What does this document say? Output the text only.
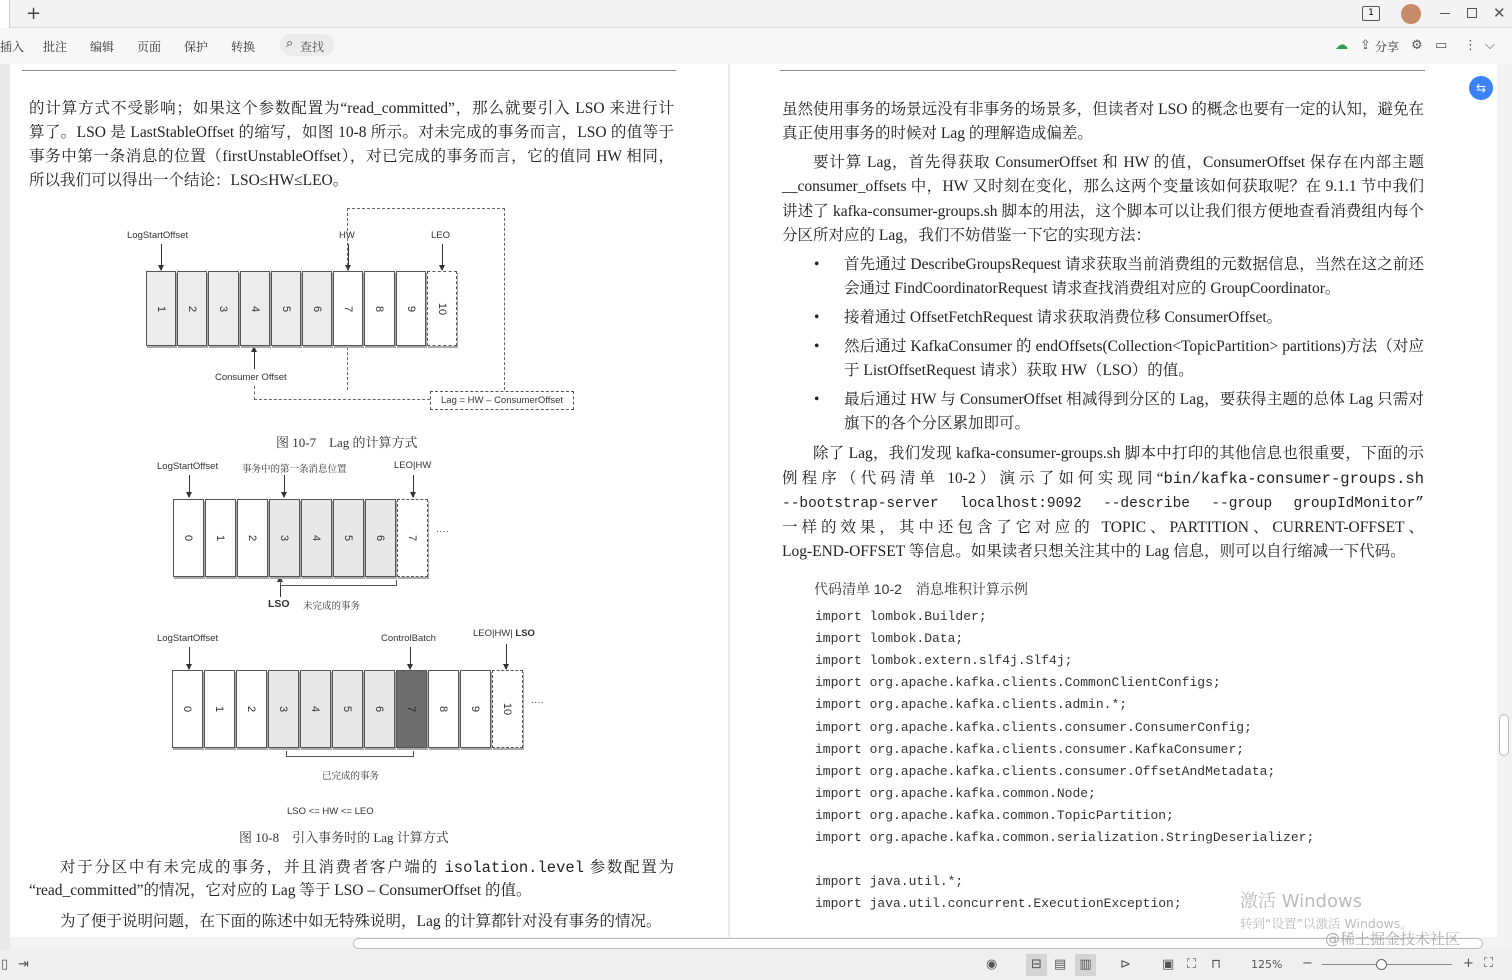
+	1	✕
插入 批注 编辑 页面 保护 转换 ⌕ 查找	☁ ⇪ 分享 ⚙ ▭ ⋮ ⌵
的计算方式不受影响；如果这个参数配置为“read_committed”，那么就要引入 LSO 来进行计
算了。LSO 是 LastStableOffset 的缩写，如图 10-8 所示。对未完成的事务而言，LSO 的值等于
事务中第一条消息的位置（firstUnstableOffset），对已完成的事务而言，它的值同 HW 相同，
所以我们可以得出一个结论：LSO≤HW≤LEO。
LogStartOffset	HW	LEO
Consumer Offset
Lag = HW – ConsumerOffset
图 10-7　Lag 的计算方式
LogStartOffset	事务中的第一条消息位置	LEO|HW
LSO 未完成的事务
····
LogStartOffset	ControlBatch	LEO|HW| LSO
已完成的事务
····
LSO <= HW <= LEO
图 10-8　引入事务时的 Lag 计算方式
对于分区中有未完成的事务，并且消费者客户端的 isolation.level 参数配置为
“read_committed”的情况，它对应的 Lag 等于 LSO – ConsumerOffset 的值。
为了便于说明问题，在下面的陈述中如无特殊说明，Lag 的计算都针对没有事务的情况。
1 2 3 4 5 6 7 8 9 10
0 1 2 3 4 5 6 7
0 1 2 3 4 5 6 7 8 9 10
⇆
虽然使用事务的场景远没有非事务的场景多，但读者对 LSO 的概念也要有一定的认知，避免在
真正使用事务的时候对 Lag 的理解造成偏差。
要计算 Lag，首先得获取 ConsumerOffset 和 HW 的值，ConsumerOffset 保存在内部主题
__consumer_offsets 中，HW 又时刻在变化，那么这两个变量该如何获取呢？在 9.1.1 节中我们
讲述了 kafka-consumer-groups.sh 脚本的用法，这个脚本可以让我们很方便地查看消费组内每个
分区所对应的 Lag，我们不妨借鉴一下它的实现方法：
• 首先通过 DescribeGroupsRequest 请求获取当前消费组的元数据信息，当然在这之前还
会通过 FindCoordinatorRequest 请求查找消费组对应的 GroupCoordinator。
• 接着通过 OffsetFetchRequest 请求获取消费位移 ConsumerOffset。
• 然后通过 KafkaConsumer 的 endOffsets(Collection<TopicPartition> partitions)方法（对应
于 ListOffsetRequest 请求）获取 HW（LSO）的值。
• 最后通过 HW 与 ConsumerOffset 相减得到分区的 Lag，要获得主题的总体 Lag 只需对
旗下的各个分区累加即可。
除了 Lag，我们发现 kafka-consumer-groups.sh 脚本中打印的其他信息也很重要，下面的示
例程序（代码清单 10-2）演示了如何实现同“bin/kafka-consumer-groups.sh
--bootstrap-server localhost:9092 --describe --group groupIdMonitor”
一样的效果，其中还包含了它对应的 TOPIC、PARTITION、CURRENT-OFFSET、
Log-END-OFFSET 等信息。如果读者只想关注其中的 Lag 信息，则可以自行缩减一下代码。
代码清单 10-2　消息堆积计算示例
import lombok.Builder;
import lombok.Data;
import lombok.extern.slf4j.Slf4j;
import org.apache.kafka.clients.CommonClientConfigs;
import org.apache.kafka.clients.admin.*;
import org.apache.kafka.clients.consumer.ConsumerConfig;
import org.apache.kafka.clients.consumer.KafkaConsumer;
import org.apache.kafka.clients.consumer.OffsetAndMetadata;
import org.apache.kafka.common.Node;
import org.apache.kafka.common.TopicPartition;
import org.apache.kafka.common.serialization.StringDeserializer;
import java.util.*;
import java.util.concurrent.ExecutionException;	激活 Windows
转到“设置”以激活 Windows。
@稀土掘金技术社区
▯ ⇥	◉	⊟ ▤	▥	⊳ ▣ ⛶ ⊓	125% −	+ ⛶
